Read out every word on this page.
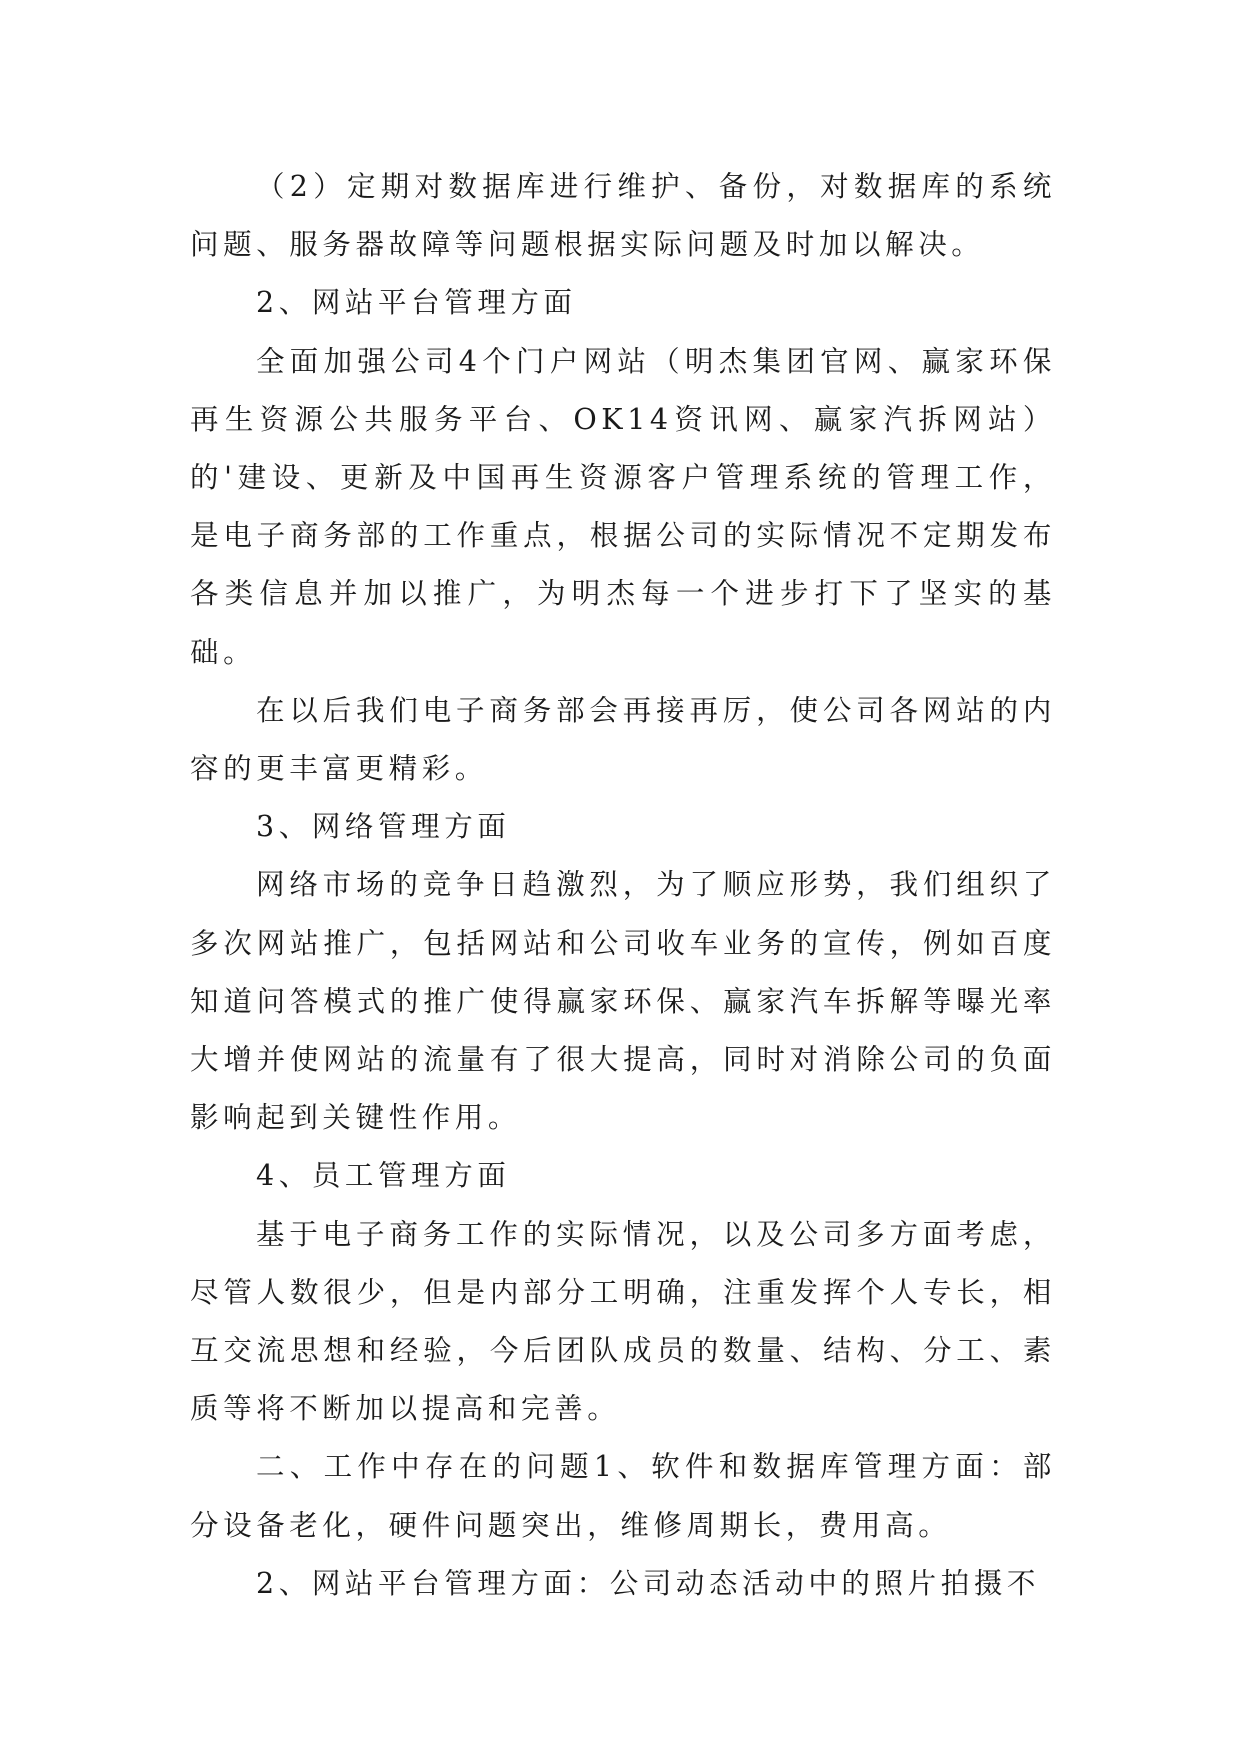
（2）定期对数据库进行维护、备份，对数据库的系统问题、服务器故障等问题根据实际问题及时加以解决。

2、网站平台管理方面

全面加强公司4个门户网站（明杰集团官网、赢家环保再生资源公共服务平台、OK14资讯网、赢家汽拆网站）的'建设、更新及中国再生资源客户管理系统的管理工作，是电子商务部的工作重点，根据公司的实际情况不定期发布各类信息并加以推广，为明杰每一个进步打下了坚实的基础。

在以后我们电子商务部会再接再厉，使公司各网站的内容的更丰富更精彩。

3、网络管理方面

网络市场的竞争日趋激烈，为了顺应形势，我们组织了多次网站推广，包括网站和公司收车业务的宣传，例如百度知道问答模式的推广使得赢家环保、赢家汽车拆解等曝光率大增并使网站的流量有了很大提高，同时对消除公司的负面影响起到关键性作用。

4、员工管理方面

基于电子商务工作的实际情况，以及公司多方面考虑，尽管人数很少，但是内部分工明确，注重发挥个人专长，相互交流思想和经验，今后团队成员的数量、结构、分工、素质等将不断加以提高和完善。

二、工作中存在的问题1、软件和数据库管理方面：部分设备老化，硬件问题突出，维修周期长，费用高。

2、网站平台管理方面：公司动态活动中的照片拍摄不
